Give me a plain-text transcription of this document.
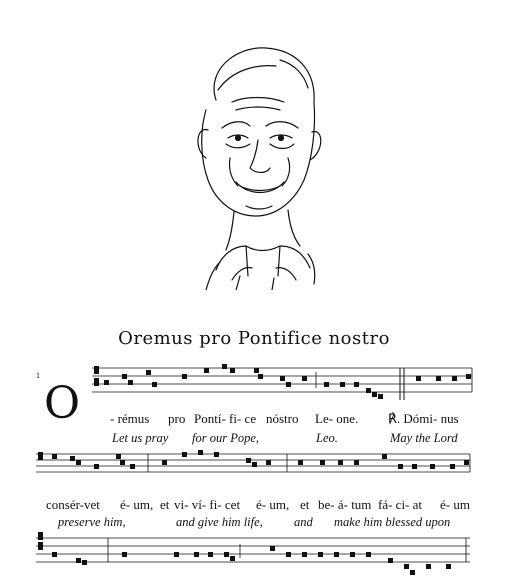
Oremus pro Pontifice nostro
1
O - rémus pro Pontí- fi- ce nóstro Le- one. ℟. Dómi- nus
Let us pray for our Pope,	Leo.	May the Lord
consér-vet é- um, et vi- ví- fi- cet é- um, et be- á- tum fá- ci- at é- um
preserve him,	and give him life, and make him blessed upon
